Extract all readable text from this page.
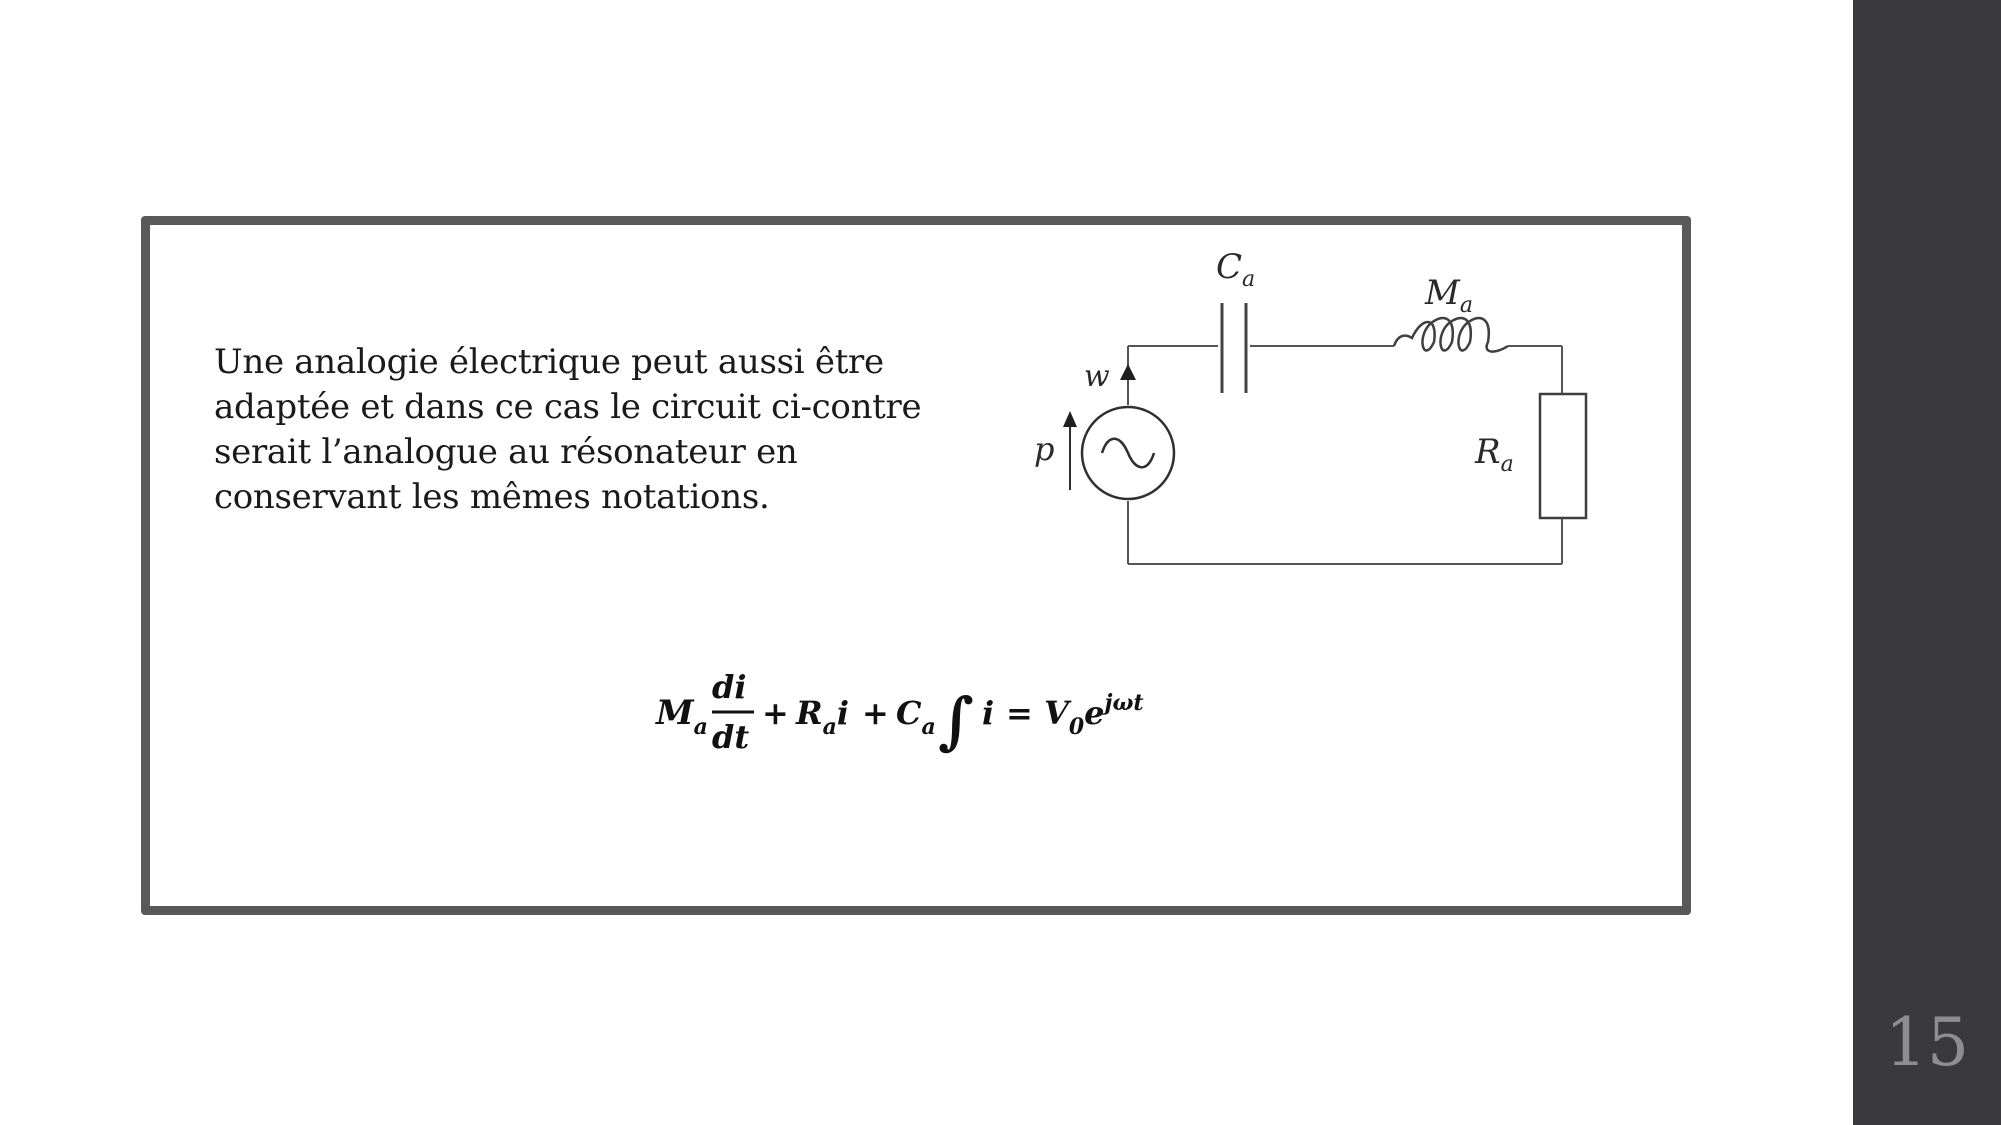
Une analogie électrique peut aussi être adaptée et dans ce cas le circuit ci-contre serait l’analogue au résonateur en conservant les mêmes notations.

$C_a$	$M_a$
$R_a$
w
p
$M_a$
di
dt
+ $R_ai + C_a$ ∫ $i = V_0e^{j\omega t}$
15
